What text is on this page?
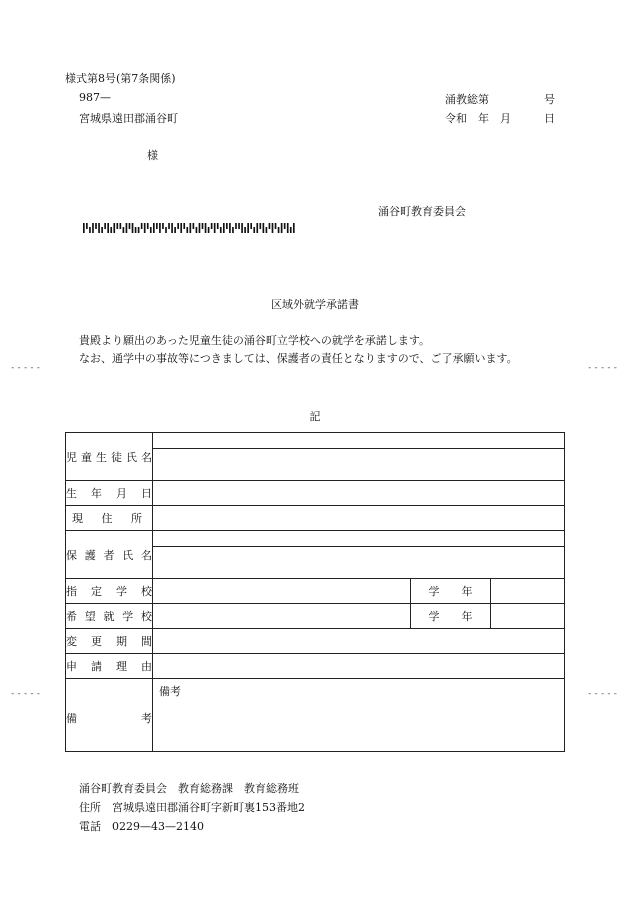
様式第8号(第7条関係)
987—
宮城県遠田郡涌谷町
様
涌教総第　　　　　号
令和　年　月　　　日
涌谷町教育委員会
区域外就学承諾書
貴殿より願出のあった児童生徒の涌谷町立学校への就学を承諾します。
なお、通学中の事故等につきましては、保護者の責任となりますので、ご了承願います。
-----	-----
-----	-----
記
児童生徒氏名			

生年月日			
現住所			
保護者氏名			

指定学校		学　　年	
希望就学校		学　　年	
変更期間			
申請理由			
備考	備考		
涌谷町教育委員会　教育総務課　教育総務班
住所　宮城県遠田郡涌谷町字新町裏153番地2
電話　0229—43—2140
